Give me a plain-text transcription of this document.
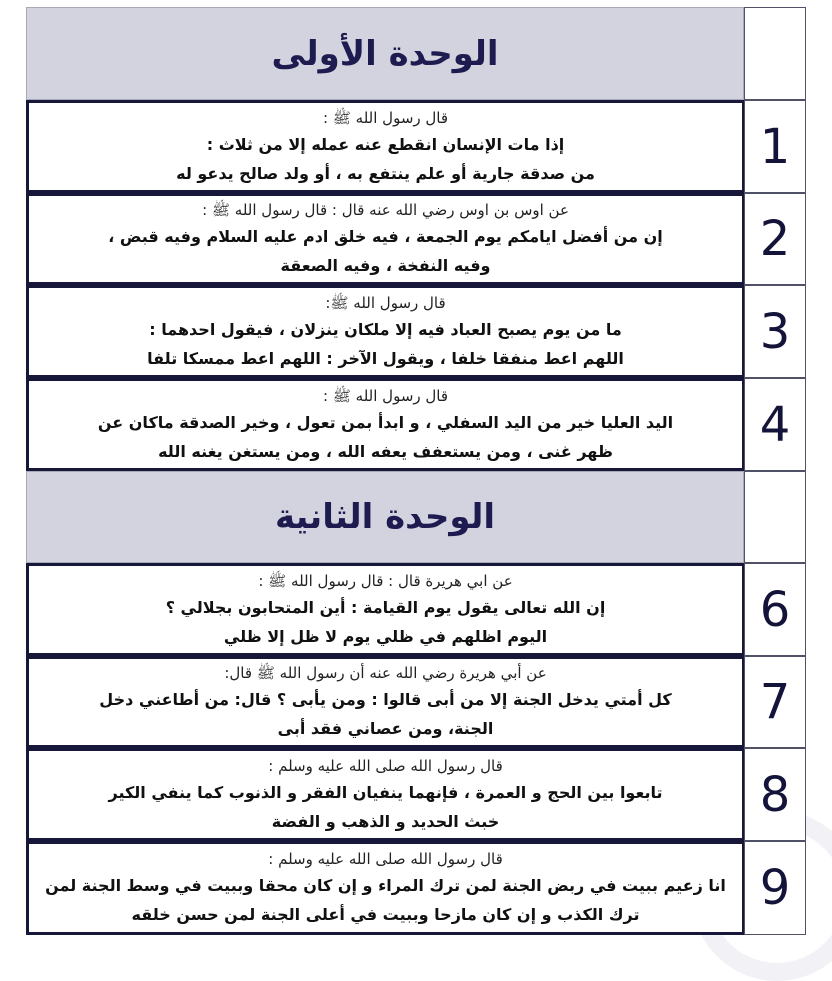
الوحدة الأولى
قال رسول الله ﷺ :
إذا مات الإنسان انقطع عنه عمله إلا من ثلاث :
من صدقة جارية أو علم ينتفع به ، أو ولد صالح يدعو له	1
عن اوس بن اوس رضي الله عنه قال : قال رسول الله ﷺ :
إن من أفضل ايامكم يوم الجمعة ، فيه خلق ادم عليه السلام وفيه قبض ،
وفيه النفخة ، وفيه الصعقة	2
قال رسول الله ﷺ:
ما من يوم يصبح العباد فيه إلا ملكان ينزلان ، فيقول احدهما :
اللهم اعط منفقا خلفا ، ويقول الآخر : اللهم اعط ممسكا تلفا	3
قال رسول الله ﷺ :
اليد العليا خير من اليد السفلي ، و ابدأ بمن تعول ، وخير الصدقة ماكان عن
ظهر غنى ، ومن يستعفف يعفه الله ، ومن يستغن يغنه الله	4
الوحدة الثانية
عن ابي هريرة قال : قال رسول الله ﷺ :
إن الله تعالى يقول يوم القيامة : أين المتحابون بجلالي ؟
اليوم اظلهم في ظلي يوم لا ظل إلا ظلي	6
عن أبي هريرة رضي الله عنه أن رسول الله ﷺ قال:
كل أمتي يدخل الجنة إلا من أبى قالوا : ومن يأبى ؟ قال: من أطاعني دخل
الجنة، ومن عصاني فقد أبى	7
قال رسول الله صلى الله عليه وسلم :
تابعوا بين الحج و العمرة ، فإنهما ينفيان الفقر و الذنوب كما ينفي الكير
خبث الحديد و الذهب و الفضة	8
قال رسول الله صلى الله عليه وسلم :
انا زعيم ببيت في ربض الجنة لمن ترك المراء و إن كان محقا وببيت في وسط الجنة لمن
ترك الكذب و إن كان مازحا وببيت في أعلى الجنة لمن حسن خلقه	9
